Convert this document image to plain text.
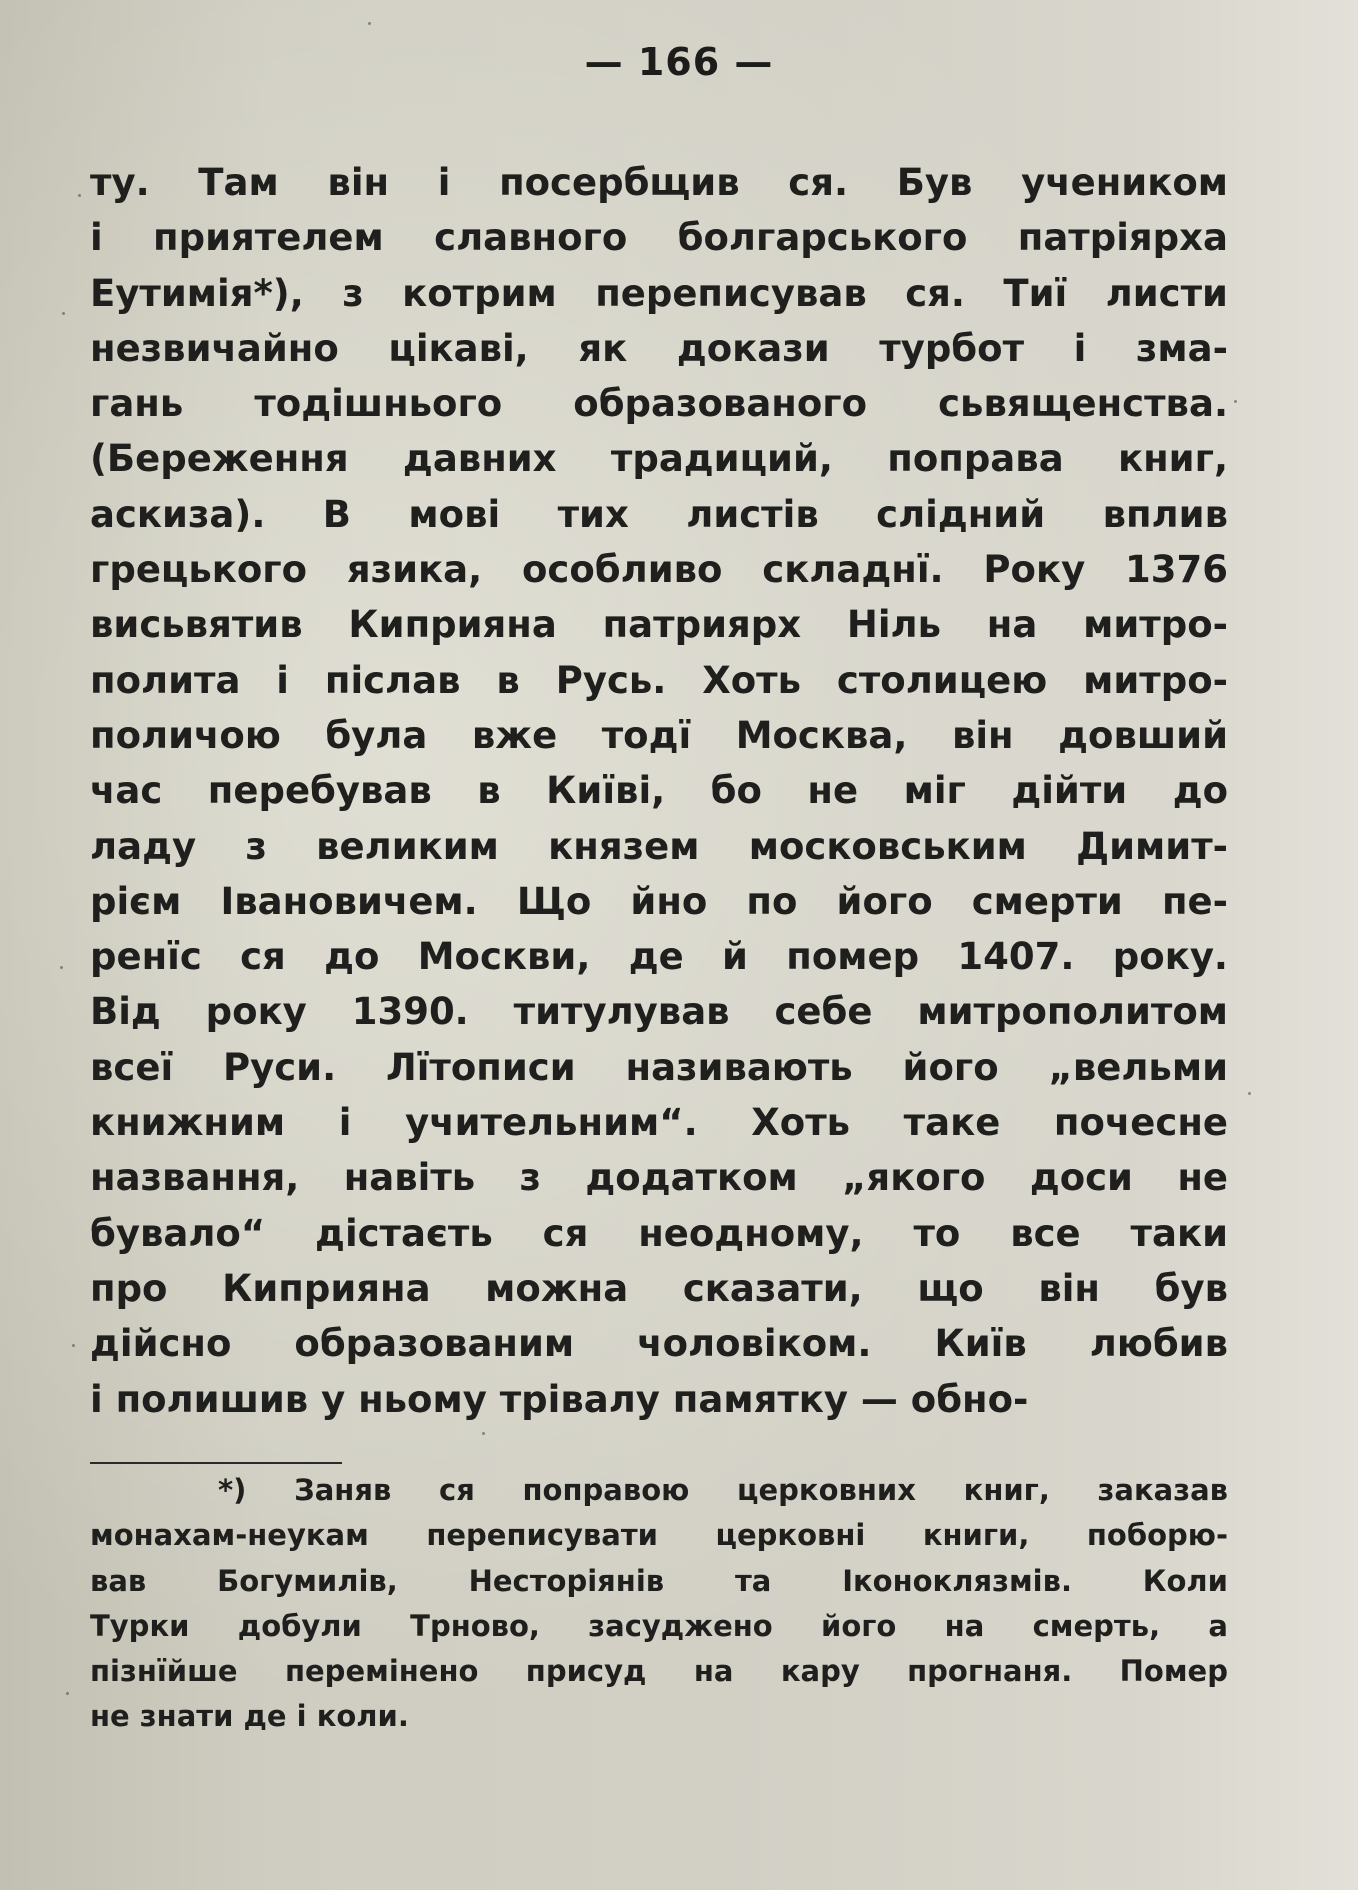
— 166 —
ту. Там він і посербщив ся. Був учеником
і приятелем славного болгарського патріярха
Еутимія*), з котрим переписував ся. Тиї листи
незвичайно цікаві, як докази турбот і зма-
гань тодішнього образованого сьвященства.
(Береження давних традиций, поправа книг,
аскиза). В мові тих листів слідний вплив
грецького язика, особливо складнї. Року 1376
висьвятив Киприяна патриярх Ніль на митро-
полита і післав в Русь. Хоть столицею митро-
поличою була вже тодї Москва, він довший
час перебував в Київі, бо не міг дійти до
ладу з великим князем московським Димит-
рієм Івановичем. Що йно по його смерти пе-
ренїс ся до Москви, де й помер 1407. року.
Від року 1390. титулував себе митрополитом
всеї Руси. Лїтописи називають його „вельми
книжним і учительним“. Хоть таке почесне
названня, навіть з додатком „якого доси не
бувало“ дістаєть ся неодному, то все таки
про Киприяна можна сказати, що він був
дійсно образованим чоловіком. Київ любив
і полишив у ньому трівалу памятку — обно-
*) Заняв ся поправою церковних книг, заказав
монахам-неукам переписувати церковні книги, поборю-
вав Богумилів, Несторіянів та Іконоклязмів. Коли
Турки добули Трново, засуджено його на смерть, а
пізнїйше перемінено присуд на кару прогнаня. Помер
не знати де і коли.
